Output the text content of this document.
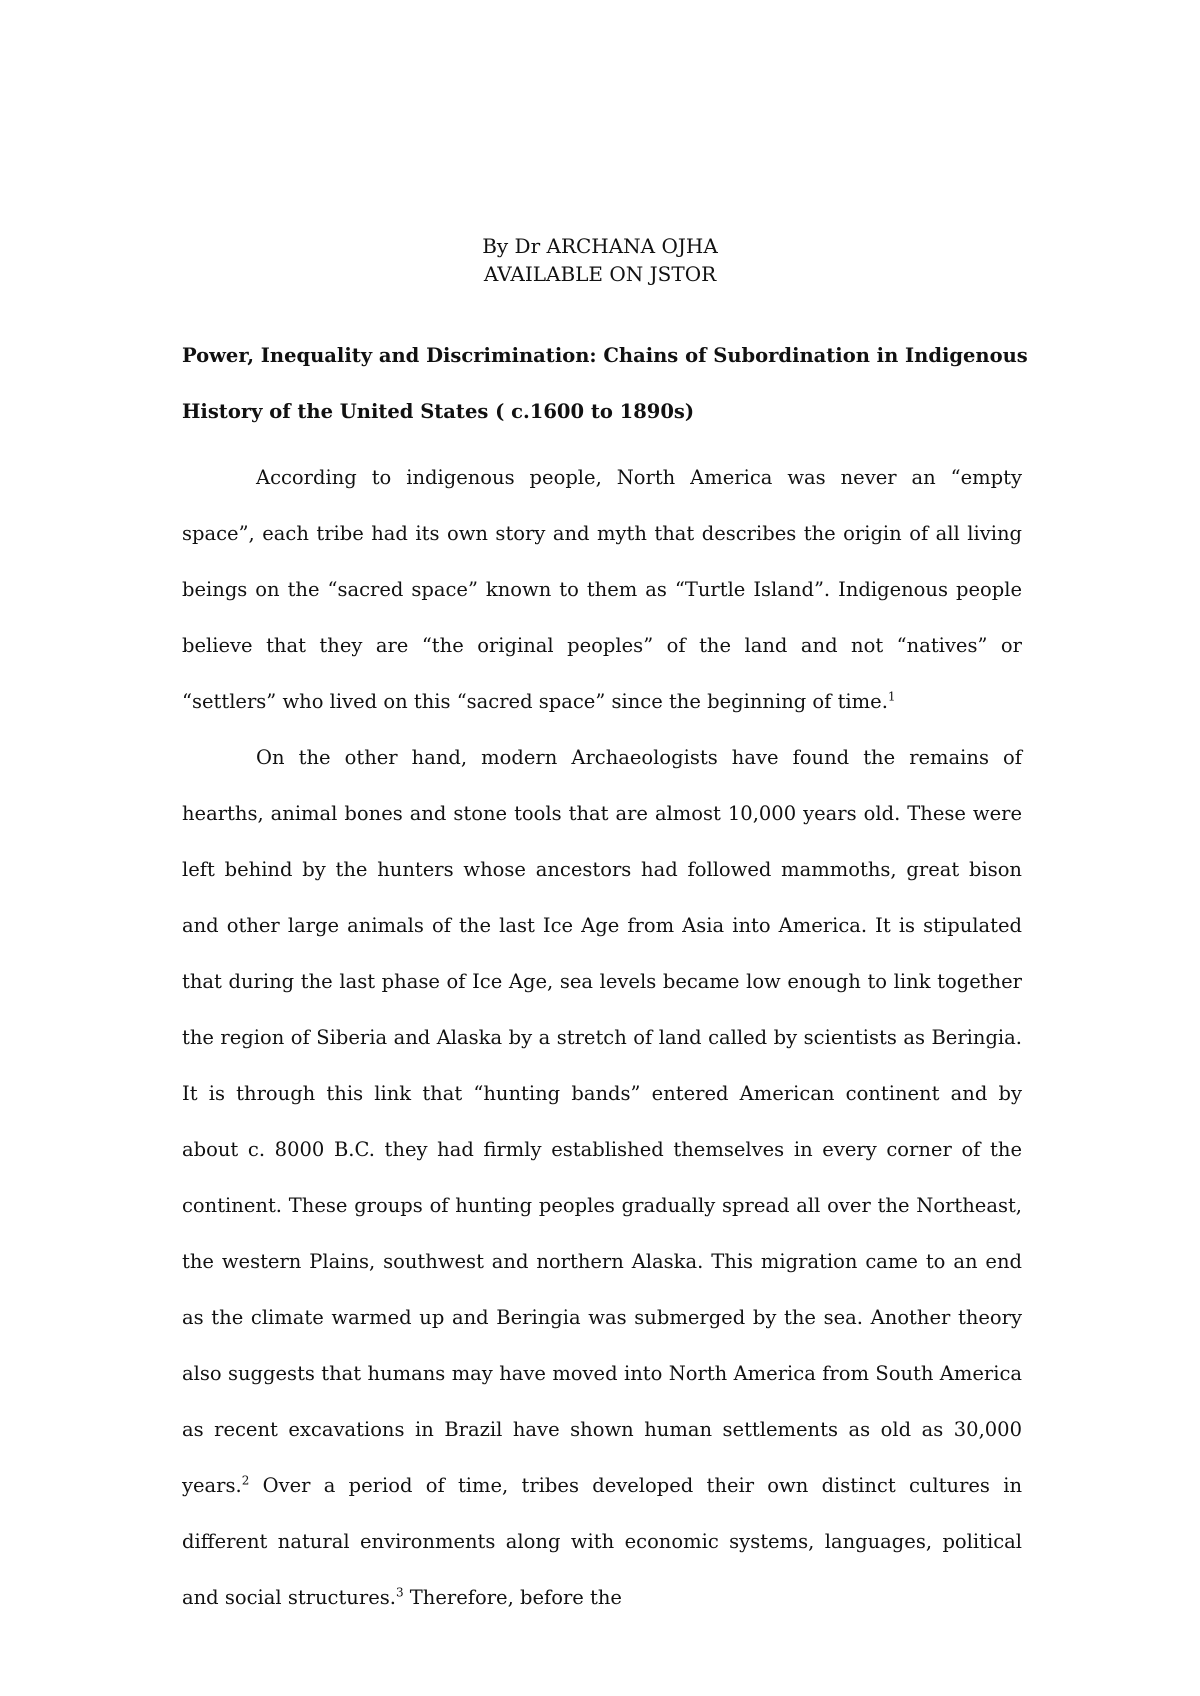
By Dr ARCHANA OJHA
AVAILABLE ON JSTOR
Power, Inequality and Discrimination: Chains of Subordination in Indigenous
History of the United States ( c.1600 to 1890s)

According to indigenous people, North America was never an “empty space”, each tribe had its own story and myth that describes the origin of all living beings on the “sacred space” known to them as “Turtle Island”. Indigenous people believe that they are “the original peoples” of the land and not “natives” or “settlers” who lived on this “sacred space” since the beginning of time.$^1$

On the other hand, modern Archaeologists have found the remains of hearths, animal bones and stone tools that are almost 10,000 years old. These were left behind by the hunters whose ancestors had followed mammoths, great bison and other large animals of the last Ice Age from Asia into America. It is stipulated that during the last phase of Ice Age, sea levels became low enough to link together the region of Siberia and Alaska by a stretch of land called by scientists as Beringia. It is through this link that “hunting bands” entered American continent and by about c. 8000 B.C. they had firmly established themselves in every corner of the continent. These groups of hunting peoples gradually spread all over the Northeast, the western Plains, southwest and northern Alaska. This migration came to an end as the climate warmed up and Beringia was submerged by the sea. Another theory also suggests that humans may have moved into North America from South America as recent excavations in Brazil have shown human settlements as old as 30,000 years.$^2$ Over a period of time, tribes developed their own distinct cultures in different natural environments along with economic systems, languages, political and social structures.$^3$ Therefore, before the
